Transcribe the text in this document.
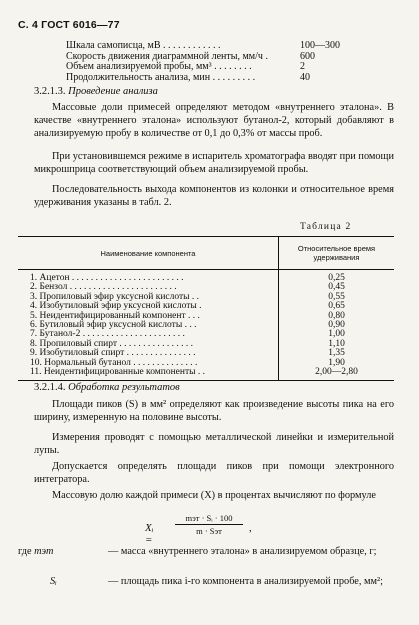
С. 4 ГОСТ 6016—77
Шкала самописца, мВ . . . . . . . . . . . .	100—300
Скорость движения диаграммной ленты, мм/ч .	600
Объем анализируемой пробы, мм³ . . . . . . . .	2
Продолжительность анализа, мин . . . . . . . . .	40
3.2.1.3. Проведение анализа
Массовые доли примесей определяют методом «внутреннего эталона». В качестве «внутреннего эталона» используют бутанол-2, который добавляют в анализируемую пробу в количестве от 0,1 до 0,3% от массы проб.
При установившемся режиме в испаритель хроматографа вводят при помощи микрошприца соответствующий объем анализируемой пробы.
Последовательность выхода компонентов из колонки и относительное время удерживания указаны в табл. 2.
Таблица 2
Наименование компонента	Относительное время удерживания
1. Ацетон . . . . . . . . . . . . . . . . . . . . . . . .	0,25
2. Бензол . . . . . . . . . . . . . . . . . . . . . . .	0,45
3. Пропиловый эфир уксусной кислоты . .	0,55
4. Изобутиловый эфир уксусной кислоты .	0,65
5. Неидентифицированный компонент . . .	0,80
6. Бутиловый эфир уксусной кислоты . . .	0,90
7. Бутанол-2 . . . . . . . . . . . . . . . . . . . . . .	1,00
8. Пропиловый спирт . . . . . . . . . . . . . . . .	1,10
9. Изобутиловый спирт . . . . . . . . . . . . . . .	1,35
10. Нормальный бутанол . . . . . . . . . . . . . .	1,90
11. Неидентифицированные компоненты . .	2,00—2,80
3.2.1.4. Обработка результатов
Площади пиков (S) в мм² определяют как произведение высоты пика на его ширину, измеренную на половине высоты.
Измерения проводят с помощью металлической линейки и измерительной лупы.
Допускается определять площади пиков при помощи электронного интегратора.
Массовую долю каждой примеси (X) в процентах вычисляют по формуле
Xᵢ =
mэт · Sᵢ · 100
m · Sэт	,
где mэт	— масса «внутреннего эталона» в анализируемом образце, г;
Sᵢ	— площадь пика i-го компонента в анализируемой пробе, мм²;
